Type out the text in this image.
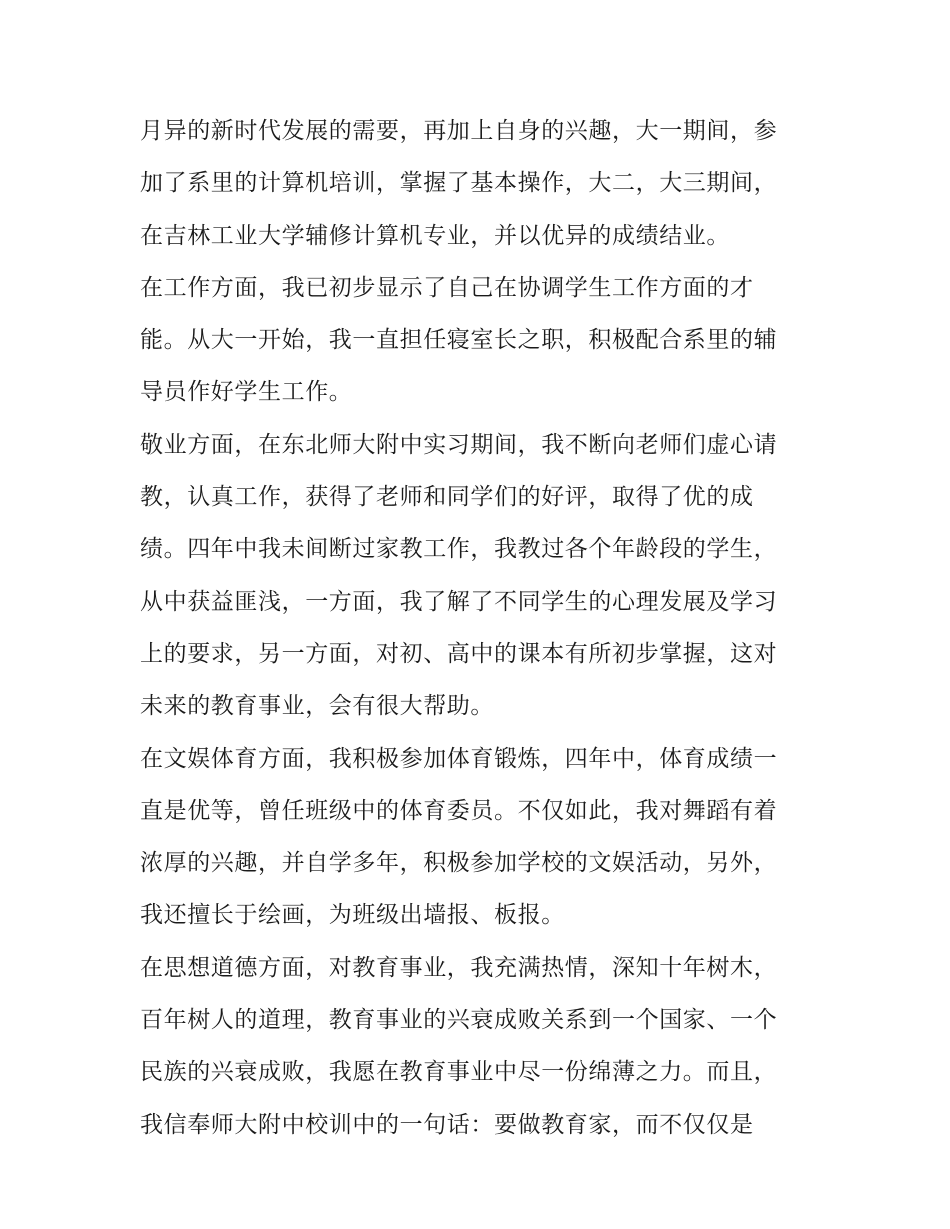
月异的新时代发展的需要，再加上自身的兴趣，大一期间，参
加了系里的计算机培训，掌握了基本操作，大二，大三期间，
在吉林工业大学辅修计算机专业，并以优异的成绩结业。
在工作方面，我已初步显示了自己在协调学生工作方面的才
能。从大一开始，我一直担任寝室长之职，积极配合系里的辅
导员作好学生工作。
敬业方面，在东北师大附中实习期间，我不断向老师们虚心请
教，认真工作，获得了老师和同学们的好评，取得了优的成
绩。四年中我未间断过家教工作，我教过各个年龄段的学生，
从中获益匪浅，一方面，我了解了不同学生的心理发展及学习
上的要求，另一方面，对初、高中的课本有所初步掌握，这对
未来的教育事业，会有很大帮助。
在文娱体育方面，我积极参加体育锻炼，四年中，体育成绩一
直是优等，曾任班级中的体育委员。不仅如此，我对舞蹈有着
浓厚的兴趣，并自学多年，积极参加学校的文娱活动，另外，
我还擅长于绘画，为班级出墙报、板报。
在思想道德方面，对教育事业，我充满热情，深知十年树木，
百年树人的道理，教育事业的兴衰成败关系到一个国家、一个
民族的兴衰成败，我愿在教育事业中尽一份绵薄之力。而且，
我信奉师大附中校训中的一句话：要做教育家，而不仅仅是
